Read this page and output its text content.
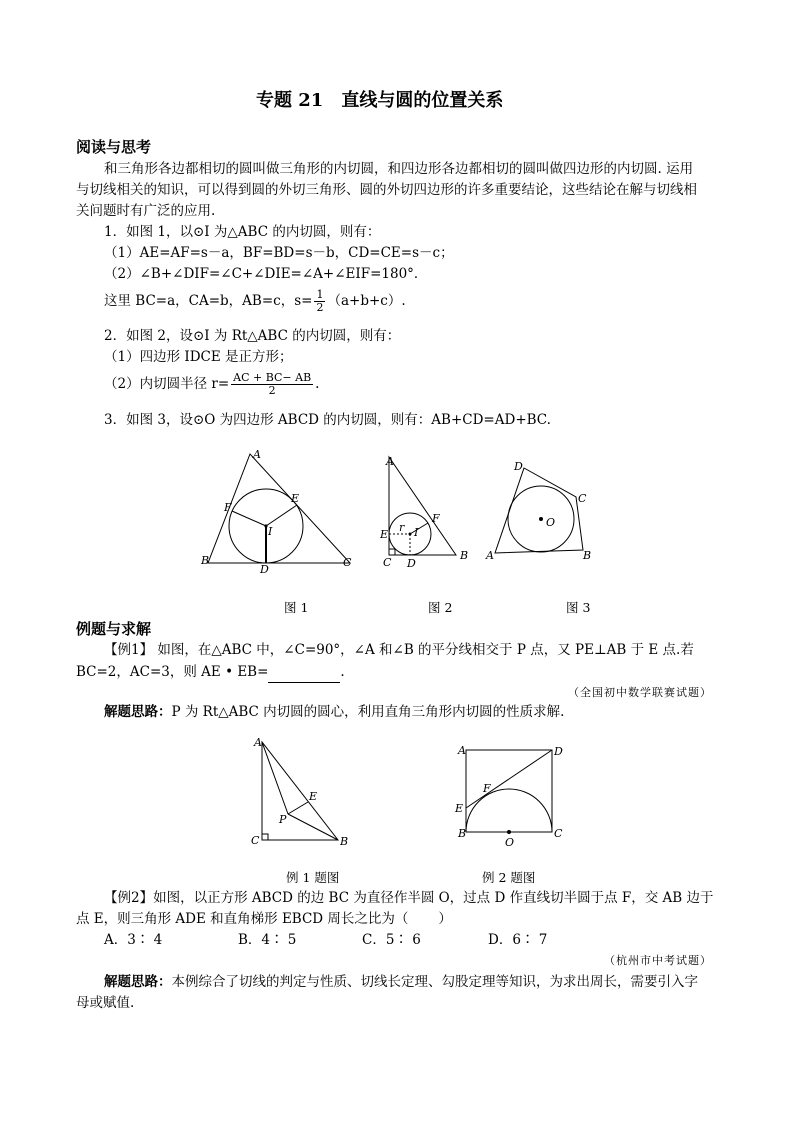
专题 21　直线与圆的位置关系
阅读与思考
和三角形各边都相切的圆叫做三角形的内切圆，和四边形各边都相切的圆叫做四边形的内切圆. 运用
与切线相关的知识，可以得到圆的外切三角形、圆的外切四边形的许多重要结论，这些结论在解与切线相
关问题时有广泛的应用.
1．如图 1，以⊙I 为△ABC 的内切圆，则有：
（1）AE=AF=s－a，BF=BD=s－b，CD=CE=s－c；
（2）∠B+∠DIF=∠C+∠DIE=∠A+∠EIF=180°．
这里 BC=a，CA=b，AB=c，$s= \frac{1}{2} (a+b+c)$.
2．如图 2，设⊙I 为 Rt△ABC 的内切圆，则有：
（1）四边形 IDCE 是正方形；
（2）内切圆半径 $r= \frac{AC + BC- AB}{2}$ .
3．如图 3，设⊙O 为四边形 ABCD 的内切圆，则有：AB+CD=AD+BC.
A
B	C
D
E
F
I
A
B
C D
E
F
I
r
D
C
B
A
O
图 1	图 2	图 3
例题与求解
【例1】 如图，在△ABC 中，∠C=90°，∠A 和∠B 的平分线相交于 P 点，又 PE⊥AB 于 E 点.若
BC=2，AC=3，则 AE • EB=	.
（全国初中数学联赛试题）
解题思路：P 为 Rt△ABC 内切圆的圆心，利用直角三角形内切圆的性质求解.
A
B
C
E
P
A	D
B	C
E
F
O
例 1 题图	例 2 题图
【例2】如图，以正方形 ABCD 的边 BC 为直径作半圆 O，过点 D 作直线切半圆于点 F，交 AB 边于
点 E，则三角形 ADE 和直角梯形 EBCD 周长之比为（ ）
A．3∶ 4	B．4∶ 5	C．5∶ 6	D．6∶ 7
（杭州市中考试题）
解题思路：本例综合了切线的判定与性质、切线长定理、勾股定理等知识，为求出周长，需要引入字
母或赋值.
